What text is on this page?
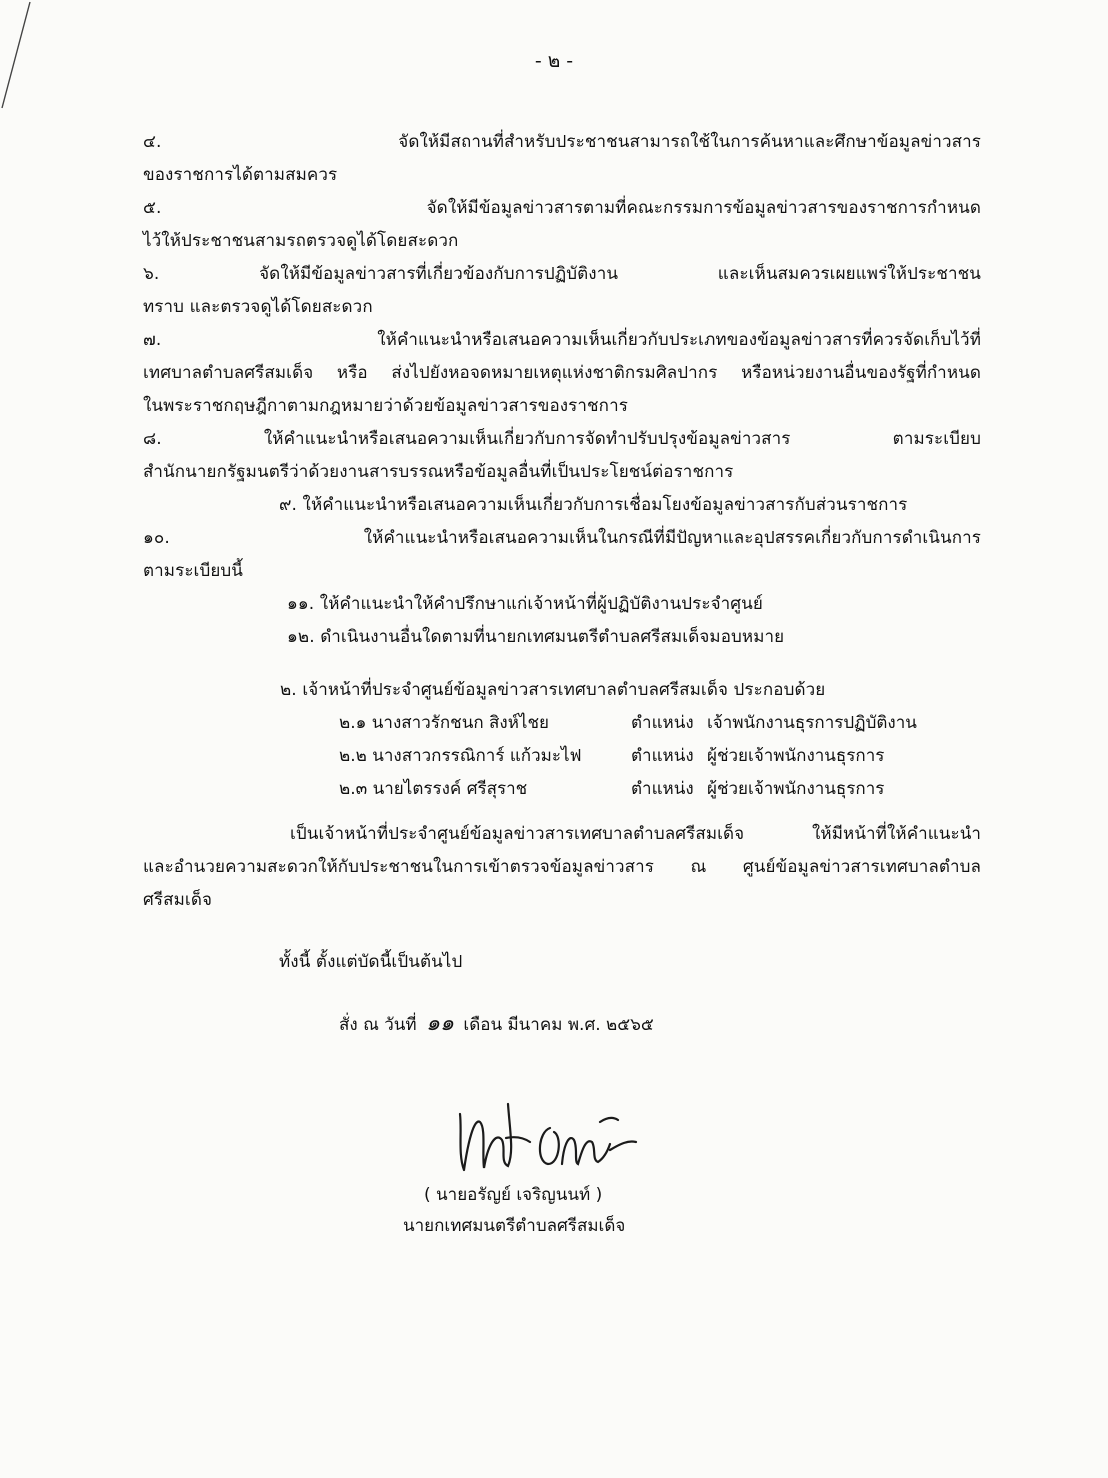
- ๒ -
๔. จัดให้มีสถานที่สำหรับประชาชนสามารถใช้ในการค้นหาและศึกษาข้อมูลข่าวสาร
ของราชการได้ตามสมควร
๕. จัดให้มีข้อมูลข่าวสารตามที่คณะกรรมการข้อมูลข่าวสารของราชการกำหนด
ไว้ให้ประชาชนสามรถตรวจดูได้โดยสะดวก
๖. จัดให้มีข้อมูลข่าวสารที่เกี่ยวข้องกับการปฏิบัติงาน และเห็นสมควรเผยแพร่ให้ประชาชน
ทราบ และตรวจดูได้โดยสะดวก
๗. ให้คำแนะนำหรือเสนอความเห็นเกี่ยวกับประเภทของข้อมูลข่าวสารที่ควรจัดเก็บไว้ที่
เทศบาลตำบลศรีสมเด็จ หรือ ส่งไปยังหอจดหมายเหตุแห่งชาติกรมศิลปากร หรือหน่วยงานอื่นของรัฐที่กำหนด
ในพระราชกฤษฎีกาตามกฎหมายว่าด้วยข้อมูลข่าวสารของราชการ
๘. ให้คำแนะนำหรือเสนอความเห็นเกี่ยวกับการจัดทำปรับปรุงข้อมูลข่าวสาร ตามระเบียบ
สำนักนายกรัฐมนตรีว่าด้วยงานสารบรรณหรือข้อมูลอื่นที่เป็นประโยชน์ต่อราชการ
๙. ให้คำแนะนำหรือเสนอความเห็นเกี่ยวกับการเชื่อมโยงข้อมูลข่าวสารกับส่วนราชการ
๑๐. ให้คำแนะนำหรือเสนอความเห็นในกรณีที่มีปัญหาและอุปสรรคเกี่ยวกับการดำเนินการ
ตามระเบียบนี้
๑๑. ให้คำแนะนำให้คำปรึกษาแก่เจ้าหน้าที่ผู้ปฏิบัติงานประจำศูนย์
๑๒. ดำเนินงานอื่นใดตามที่นายกเทศมนตรีตำบลศรีสมเด็จมอบหมาย
๒. เจ้าหน้าที่ประจำศูนย์ข้อมูลข่าวสารเทศบาลตำบลศรีสมเด็จ ประกอบด้วย
๒.๑ นางสาวรักชนก สิงห์ไชย	ตำแหน่ง เจ้าพนักงานธุรการปฏิบัติงาน
๒.๒ นางสาวกรรณิการ์ แก้วมะไฟ	ตำแหน่ง ผู้ช่วยเจ้าพนักงานธุรการ
๒.๓ นายไตรรงค์ ศรีสุราช	ตำแหน่ง ผู้ช่วยเจ้าพนักงานธุรการ
เป็นเจ้าหน้าที่ประจำศูนย์ข้อมูลข่าวสารเทศบาลตำบลศรีสมเด็จ ให้มีหน้าที่ให้คำแนะนำ
และอำนวยความสะดวกให้กับประชาชนในการเข้าตรวจข้อมูลข่าวสาร ณ ศูนย์ข้อมูลข่าวสารเทศบาลตำบล
ศรีสมเด็จ
ทั้งนี้ ตั้งแต่บัดนี้เป็นต้นไป
สั่ง ณ วันที่ ๑๑ เดือน มีนาคม พ.ศ. ๒๕๖๕
( นายอรัญย์ เจริญนนท์ )
นายกเทศมนตรีตำบลศรีสมเด็จ
